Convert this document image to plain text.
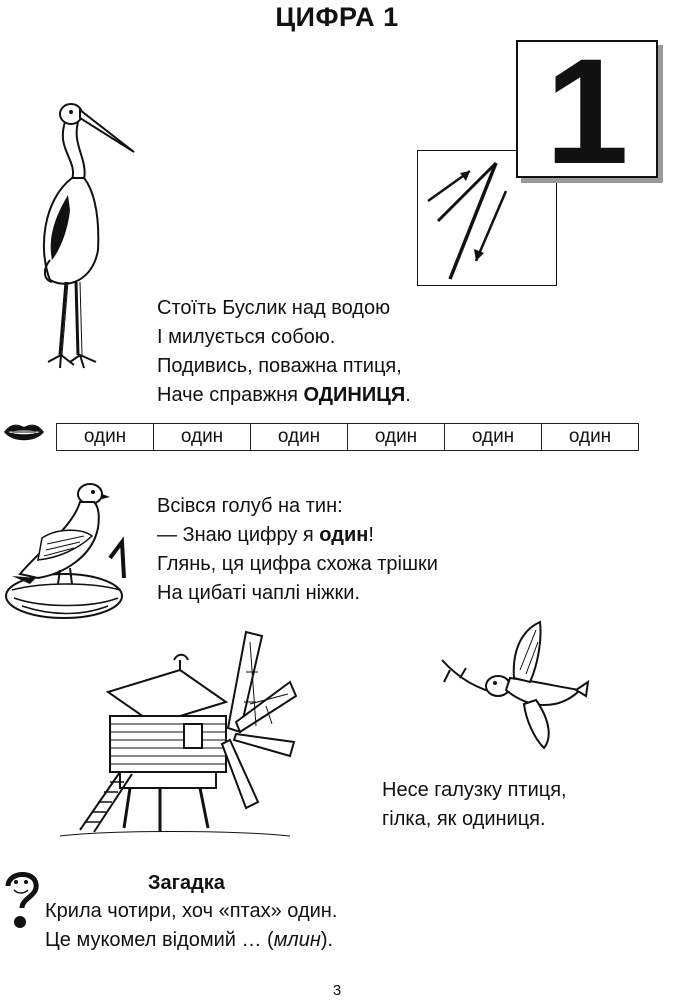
ЦИФРА 1
1
Стоїть Буслик над водою
І милується собою.
Подивись, поважна птиця,
Наче справжня ОДИНИЦЯ.
один	один	один	один	один	один
Всівся голуб на тин:
— Знаю цифру я один!
Глянь, ця цифра схожа трішки
На цибаті чаплі ніжки.
Несе галузку птиця,
гілка, як одиниця.
Загадка
Крила чотири, хоч «птах» один.
Це мукомел відомий … (млин).
3
